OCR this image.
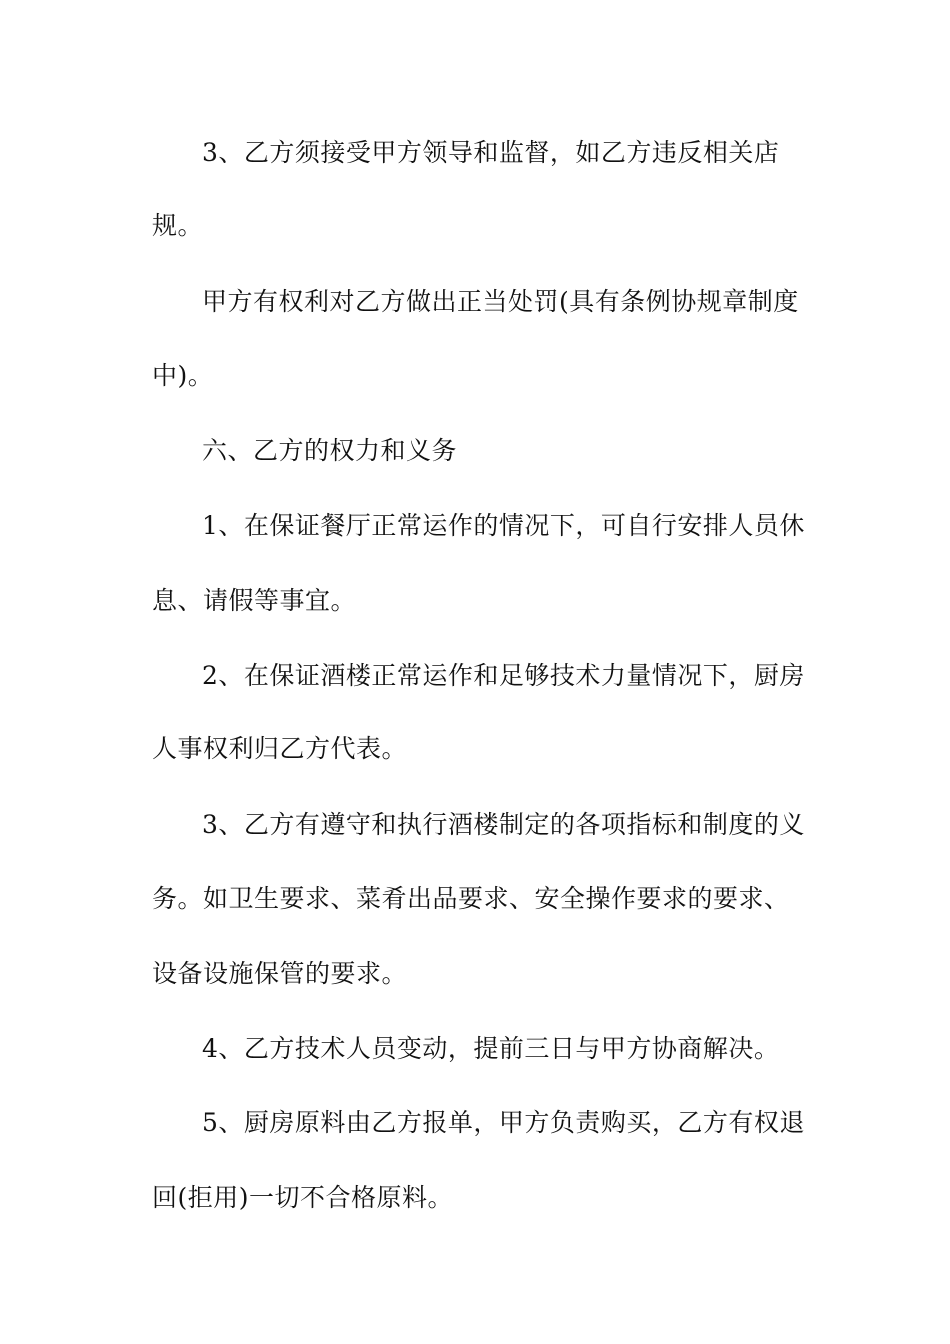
3、乙方须接受甲方领导和监督，如乙方违反相关店
规。
甲方有权利对乙方做出正当处罚(具有条例协规章制度
中)。
六、乙方的权力和义务
1、在保证餐厅正常运作的情况下，可自行安排人员休
息、请假等事宜。
2、在保证酒楼正常运作和足够技术力量情况下，厨房
人事权利归乙方代表。
3、乙方有遵守和执行酒楼制定的各项指标和制度的义
务。如卫生要求、菜肴出品要求、安全操作要求的要求、
设备设施保管的要求。
4、乙方技术人员变动，提前三日与甲方协商解决。
5、厨房原料由乙方报单，甲方负责购买，乙方有权退
回(拒用)一切不合格原料。
